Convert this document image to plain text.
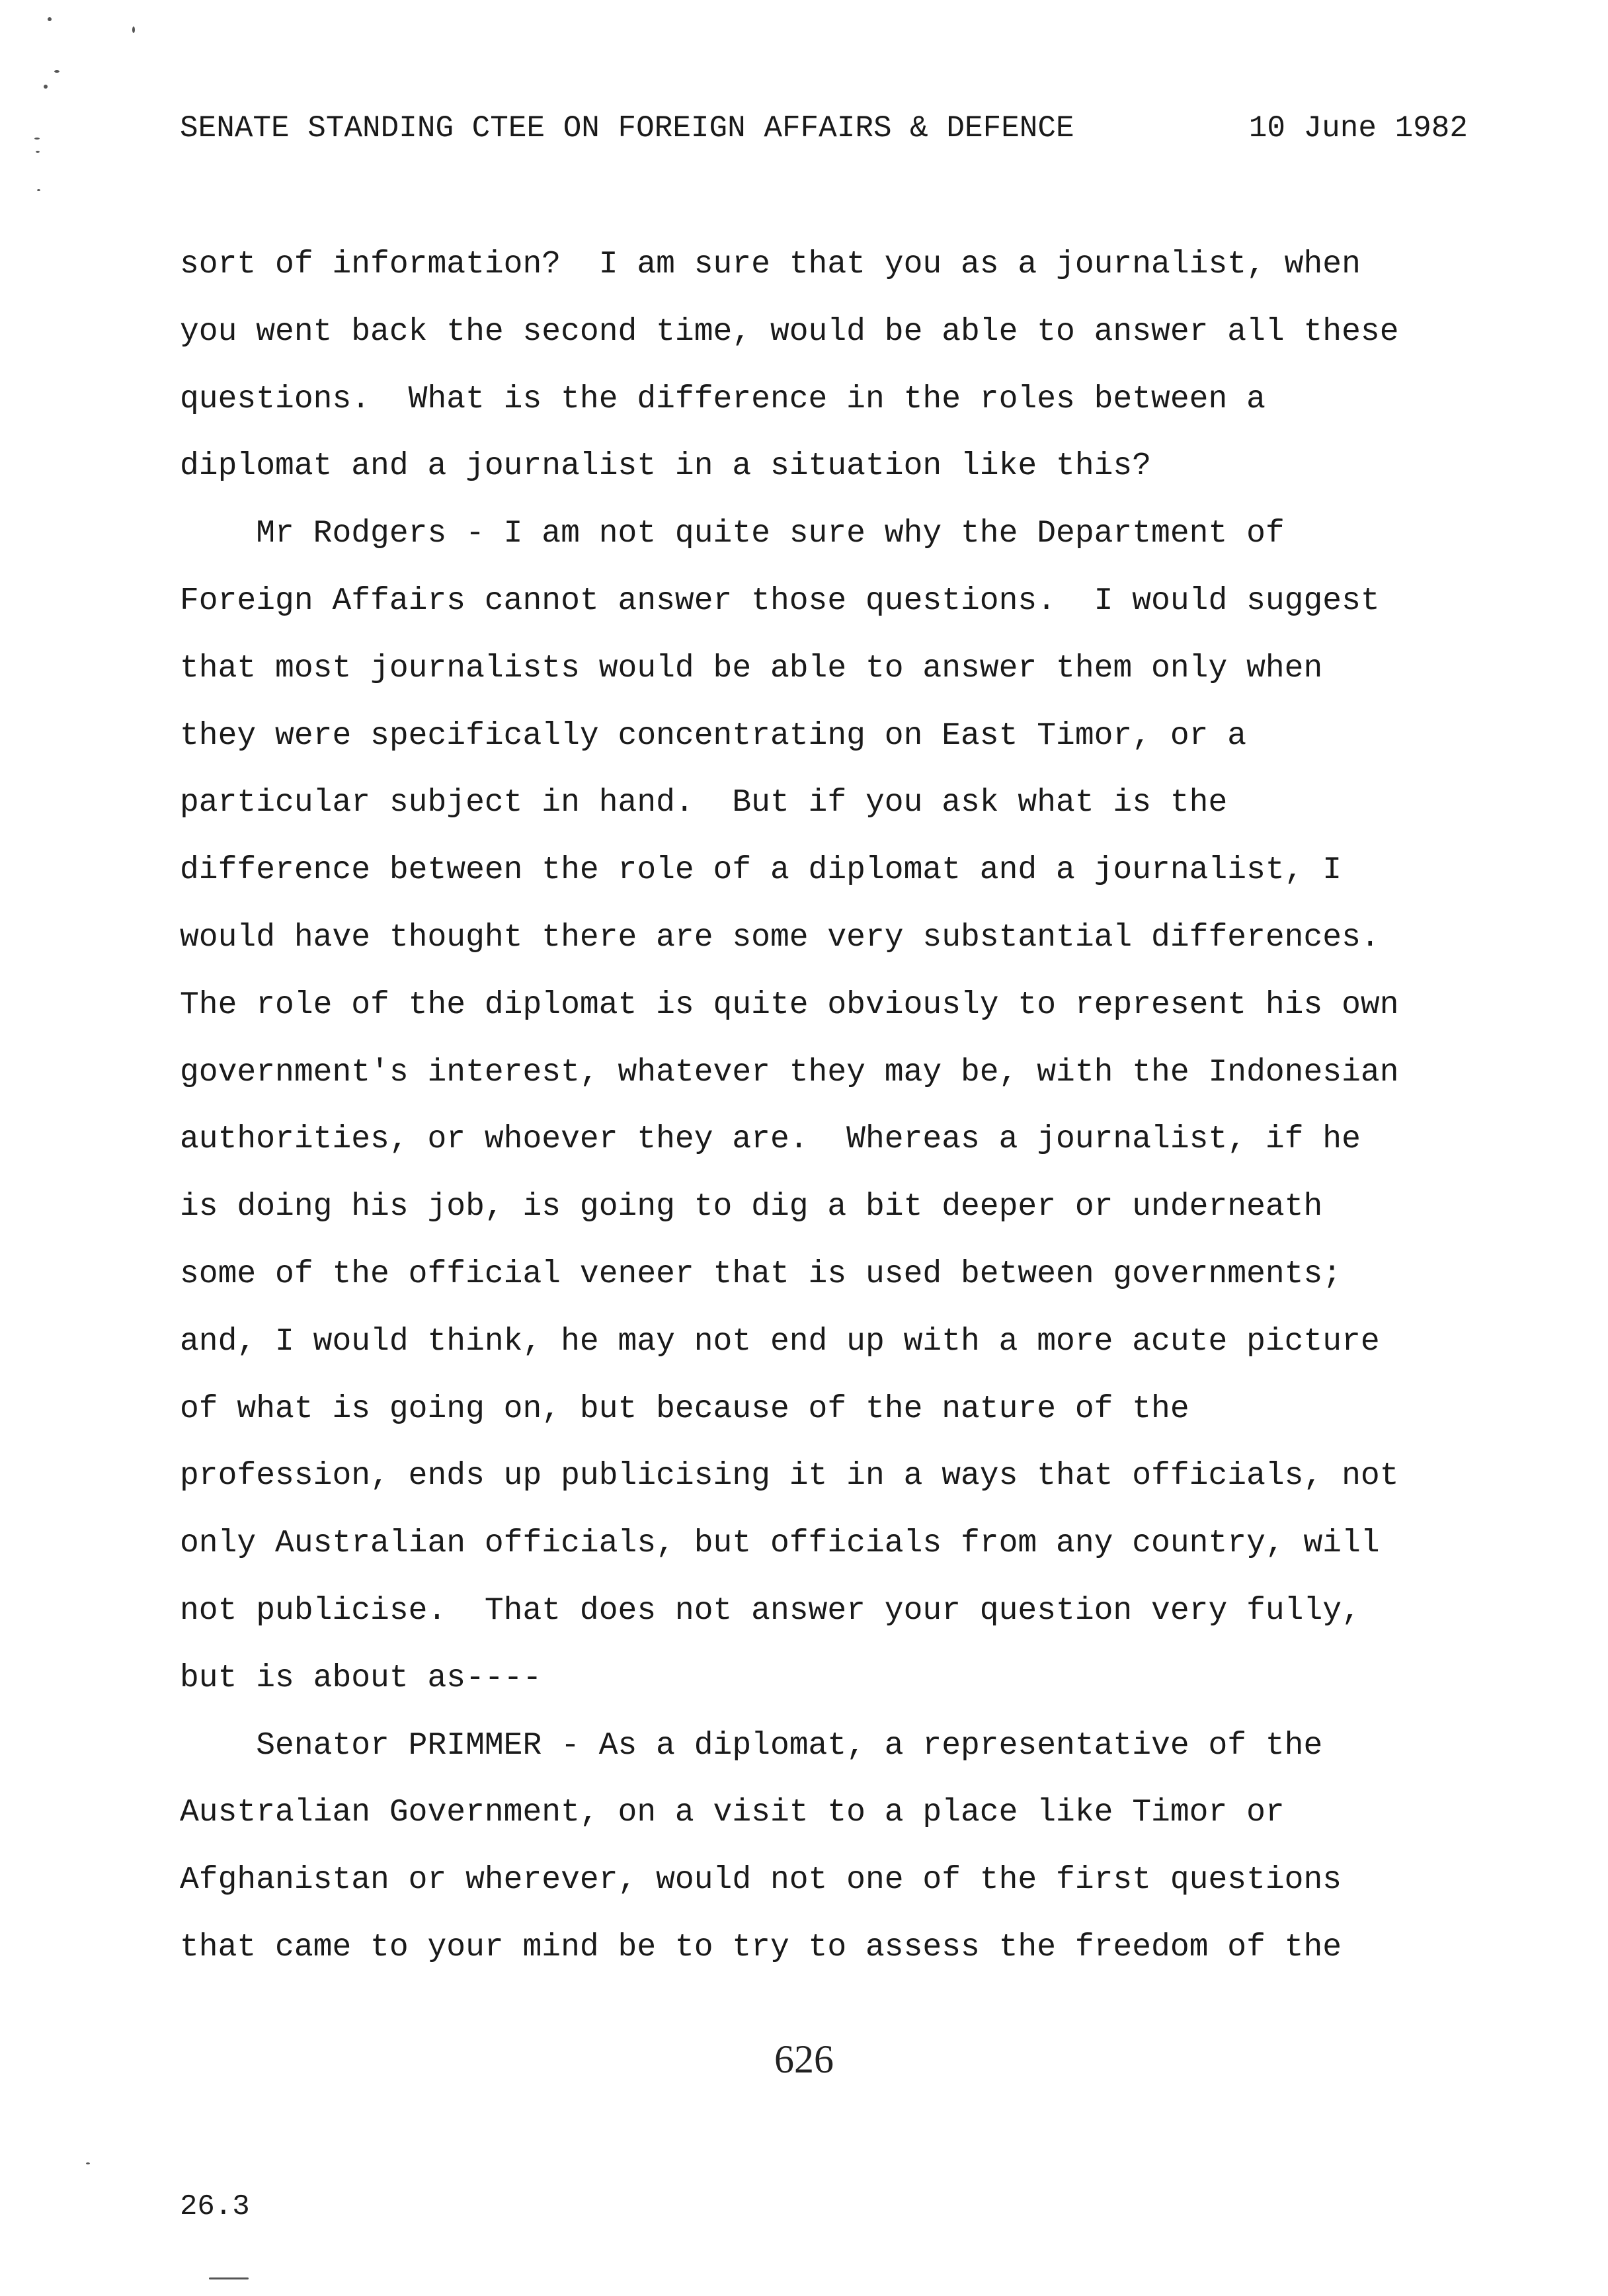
SENATE STANDING CTEE ON FOREIGN AFFAIRS & DEFENCE	10 June 1982
sort of information?  I am sure that you as a journalist, when
you went back the second time, would be able to answer all these
questions.  What is the difference in the roles between a
diplomat and a journalist in a situation like this?
Mr Rodgers - I am not quite sure why the Department of
Foreign Affairs cannot answer those questions.  I would suggest
that most journalists would be able to answer them only when
they were specifically concentrating on East Timor, or a
particular subject in hand.  But if you ask what is the
difference between the role of a diplomat and a journalist, I
would have thought there are some very substantial differences.
The role of the diplomat is quite obviously to represent his own
government's interest, whatever they may be, with the Indonesian
authorities, or whoever they are.  Whereas a journalist, if he
is doing his job, is going to dig a bit deeper or underneath
some of the official veneer that is used between governments;
and, I would think, he may not end up with a more acute picture
of what is going on, but because of the nature of the
profession, ends up publicising it in a ways that officials, not
only Australian officials, but officials from any country, will
not publicise.  That does not answer your question very fully,
but is about as----
Senator PRIMMER - As a diplomat, a representative of the
Australian Government, on a visit to a place like Timor or
Afghanistan or wherever, would not one of the first questions
that came to your mind be to try to assess the freedom of the
626
26.3
